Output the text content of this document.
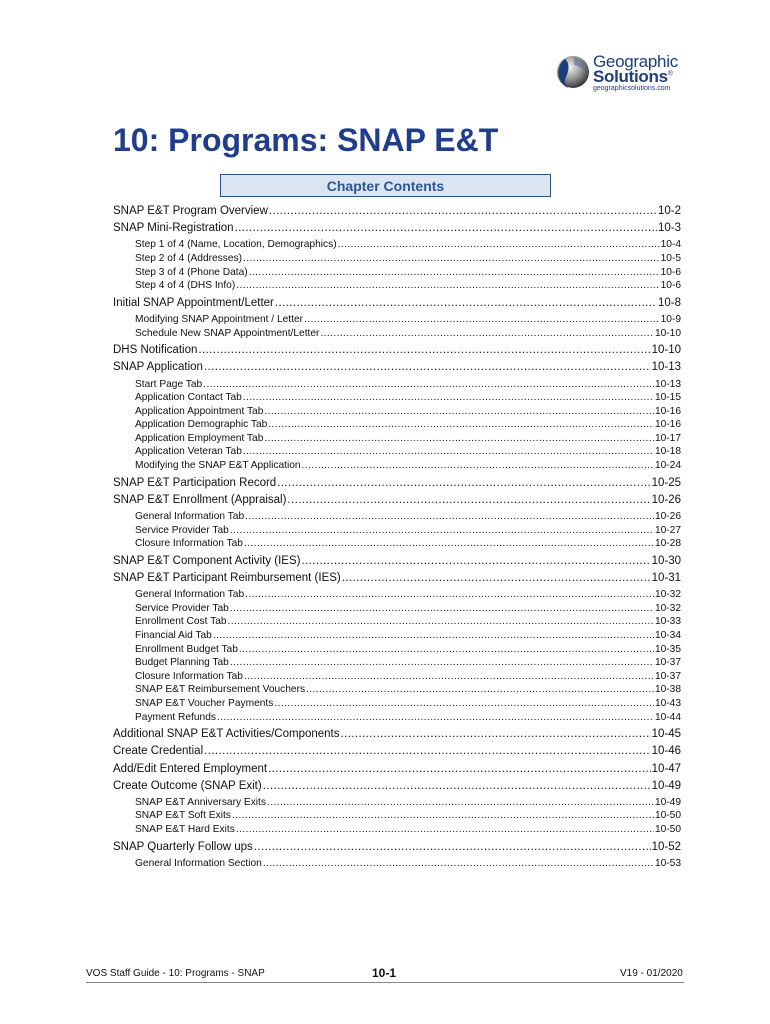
Geographic
Solutions®
geographicsolutions.com
10: Programs: SNAP E&T
Chapter Contents
SNAP E&T Program Overview .....	10-2
SNAP Mini-Registration .....	10-3
Step 1 of 4 (Name, Location, Demographics) .....	10-4
Step 2 of 4 (Addresses) .....	10-5
Step 3 of 4 (Phone Data) .....	10-6
Step 4 of 4 (DHS Info) .....	10-6
Initial SNAP Appointment/Letter .....	10-8
Modifying SNAP Appointment / Letter .....	10-9
Schedule New SNAP Appointment/Letter .....	10-10
DHS Notification .....	10-10
SNAP Application .....	10-13
Start Page Tab .....	10-13
Application Contact Tab .....	10-15
Application Appointment Tab .....	10-16
Application Demographic Tab .....	10-16
Application Employment Tab .....	10-17
Application Veteran Tab .....	10-18
Modifying the SNAP E&T Application .....	10-24
SNAP E&T Participation Record .....	10-25
SNAP E&T Enrollment (Appraisal) .....	10-26
General Information Tab .....	10-26
Service Provider Tab .....	10-27
Closure Information Tab .....	10-28
SNAP E&T Component Activity (IES) .....	10-30
SNAP E&T Participant Reimbursement (IES) .....	10-31
General Information Tab .....	10-32
Service Provider Tab .....	10-32
Enrollment Cost Tab .....	10-33
Financial Aid Tab .....	10-34
Enrollment Budget Tab .....	10-35
Budget Planning Tab .....	10-37
Closure Information Tab .....	10-37
SNAP E&T Reimbursement Vouchers .....	10-38
SNAP E&T Voucher Payments .....	10-43
Payment Refunds .....	10-44
Additional SNAP E&T Activities/Components .....	10-45
Create Credential .....	10-46
Add/Edit Entered Employment .....	10-47
Create Outcome (SNAP Exit) .....	10-49
SNAP E&T Anniversary Exits .....	10-49
SNAP E&T Soft Exits .....	10-50
SNAP E&T Hard Exits .....	10-50
SNAP Quarterly Follow ups .....	10-52
General Information Section .....	10-53
VOS Staff Guide - 10: Programs - SNAP	10-1	V19 - 01/2020
